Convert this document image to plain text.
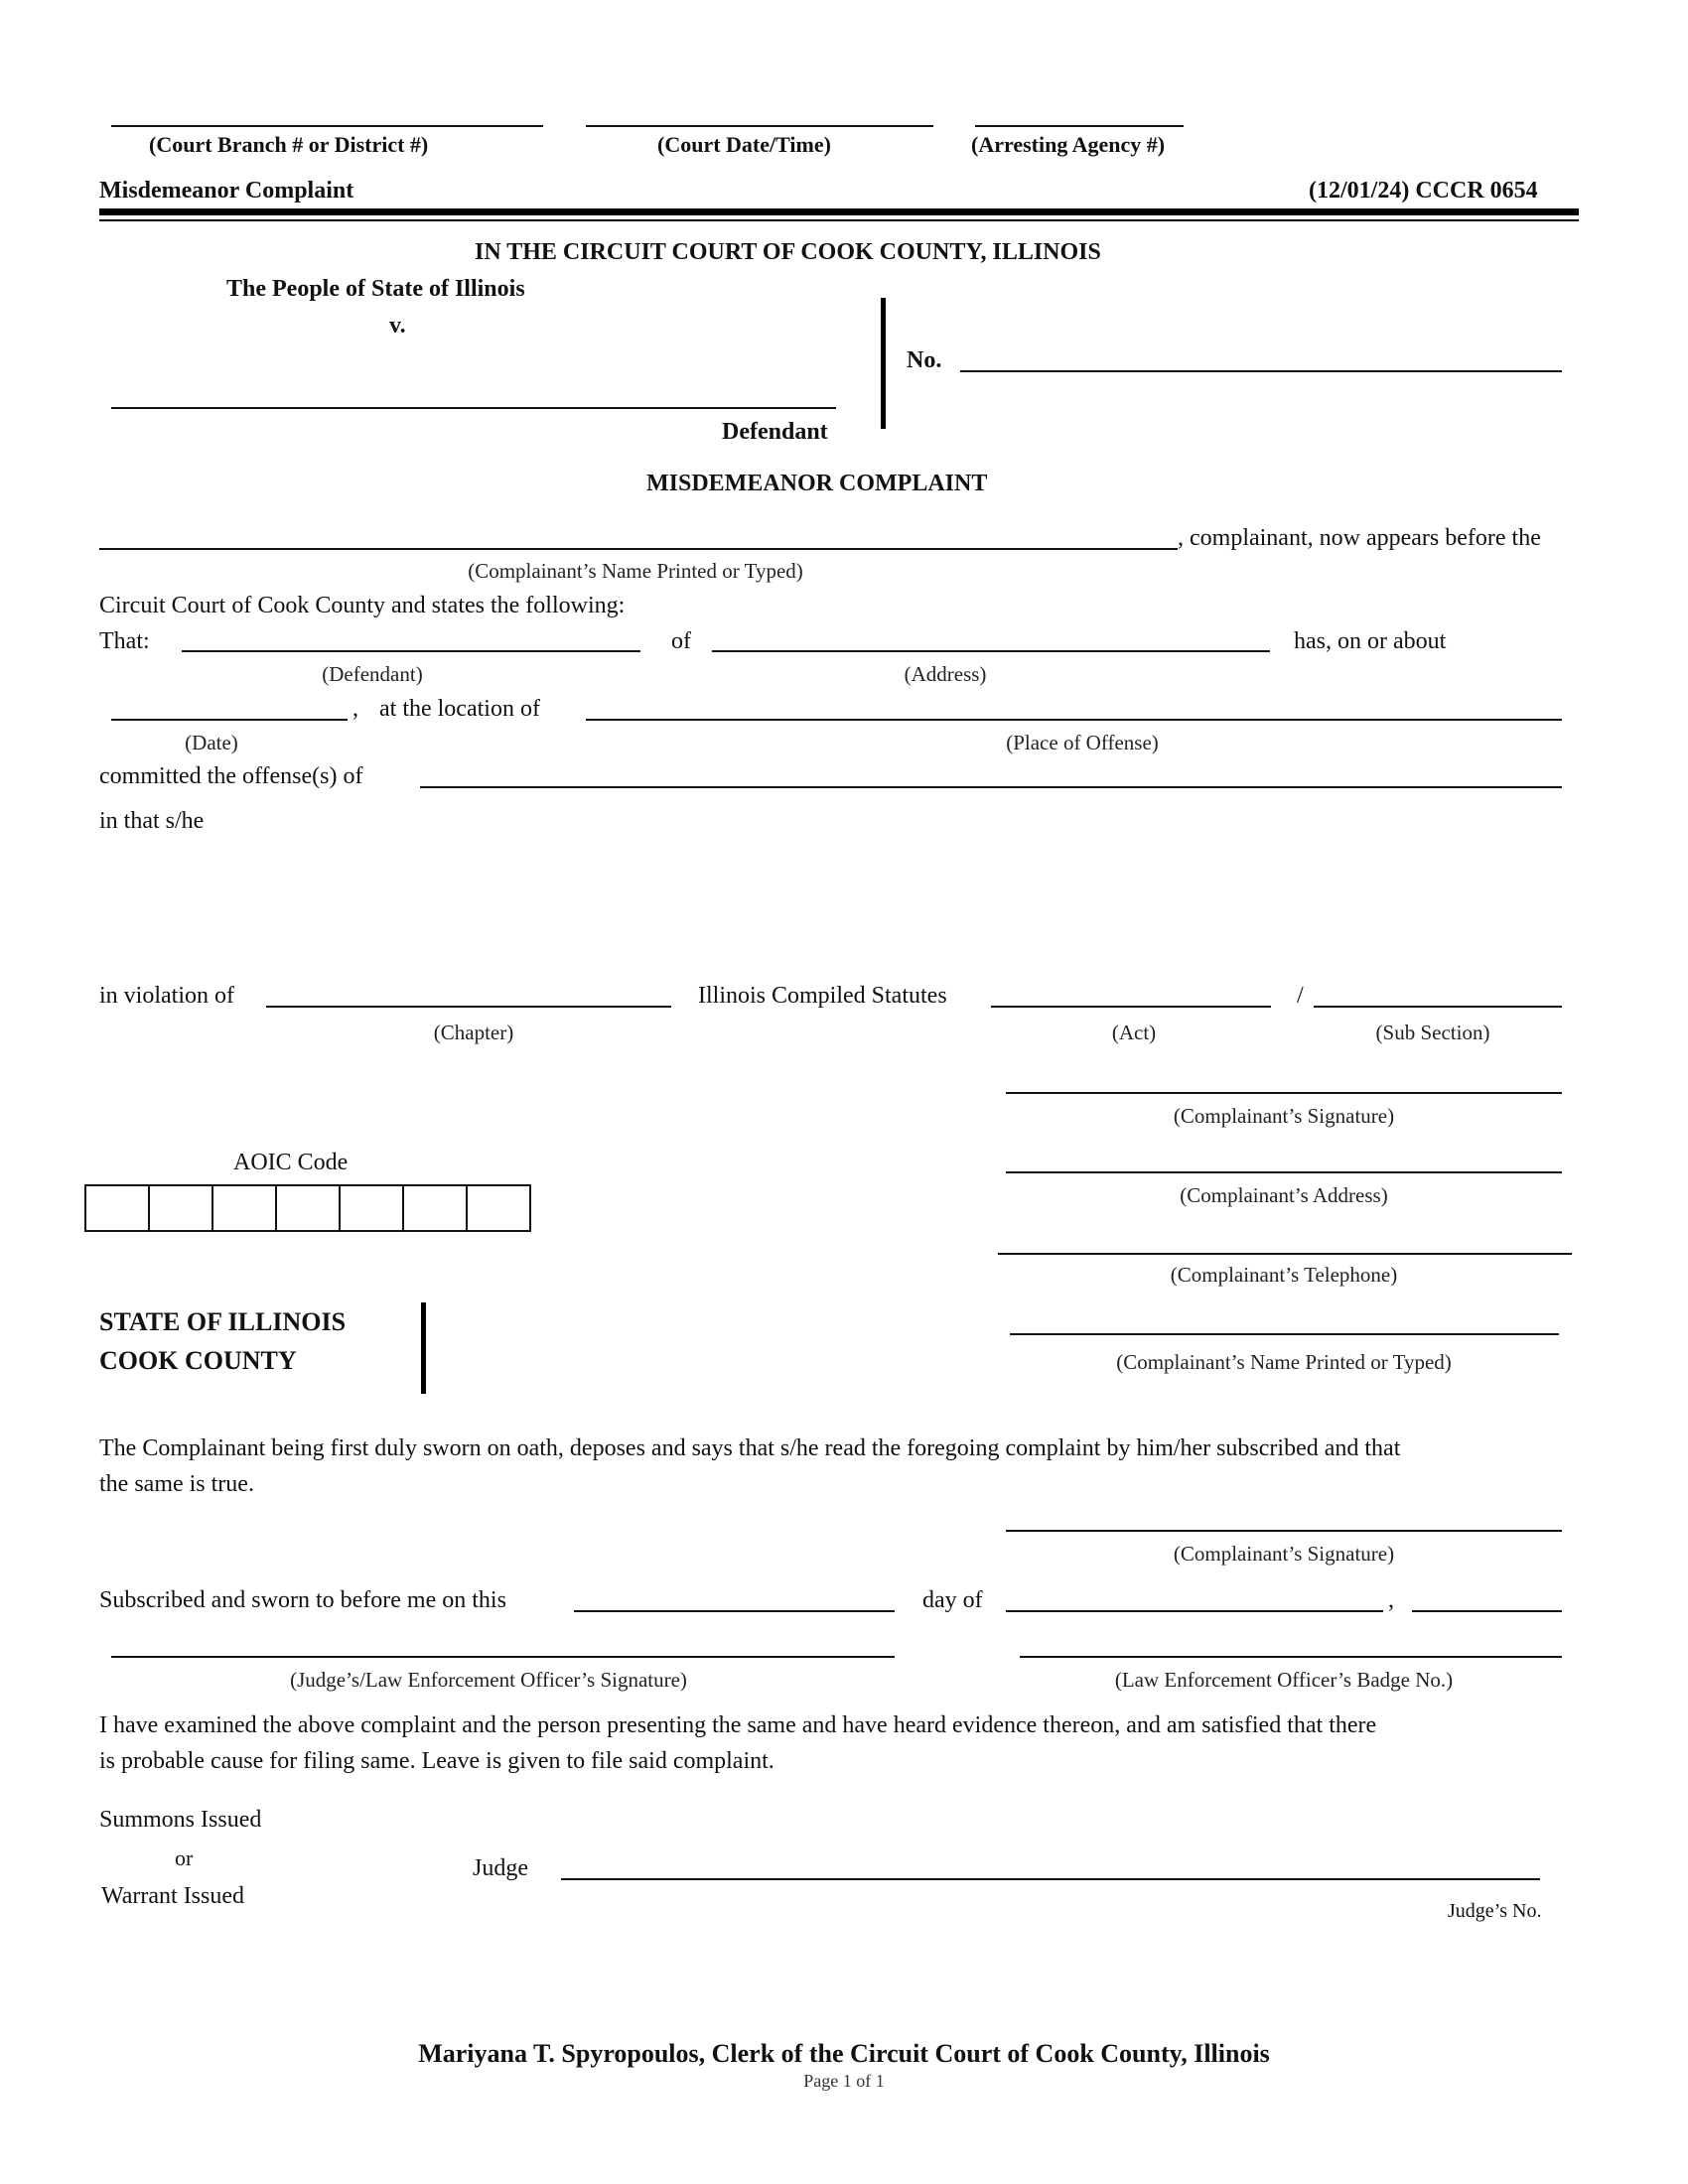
(Court Branch # or District #)	(Court Date/Time)	(Arresting Agency #)
Misdemeanor Complaint	(12/01/24) CCCR 0654
IN THE CIRCUIT COURT OF COOK COUNTY, ILLINOIS
The People of State of Illinois
v.
Defendant
No.
MISDEMEANOR COMPLAINT
, complainant, now appears before the
(Complainant’s Name Printed or Typed)
Circuit Court of Cook County and states the following:
That:	of	has, on or about
(Defendant)	(Address)
, at the location of
(Date)	(Place of Offense)
committed the offense(s) of
in that s/he
in violation of	Illinois Compiled Statutes	/
(Chapter)	(Act)	(Sub Section)
(Complainant’s Signature)
(Complainant’s Address)
(Complainant’s Telephone)
(Complainant’s Name Printed or Typed)
AOIC Code
STATE OF ILLINOIS
COOK COUNTY
The Complainant being first duly sworn on oath, deposes and says that s/he read the foregoing complaint by him/her subscribed and that
the same is true.
(Complainant’s Signature)
Subscribed and sworn to before me on this	day of	,
(Judge’s/Law Enforcement Officer’s Signature)	(Law Enforcement Officer’s Badge No.)
I have examined the above complaint and the person presenting the same and have heard evidence thereon, and am satisfied that there
is probable cause for filing same. Leave is given to file said complaint.
Summons Issued
or
Warrant Issued
Judge
Judge’s No.
Mariyana T. Spyropoulos, Clerk of the Circuit Court of Cook County, Illinois
Page 1 of 1
